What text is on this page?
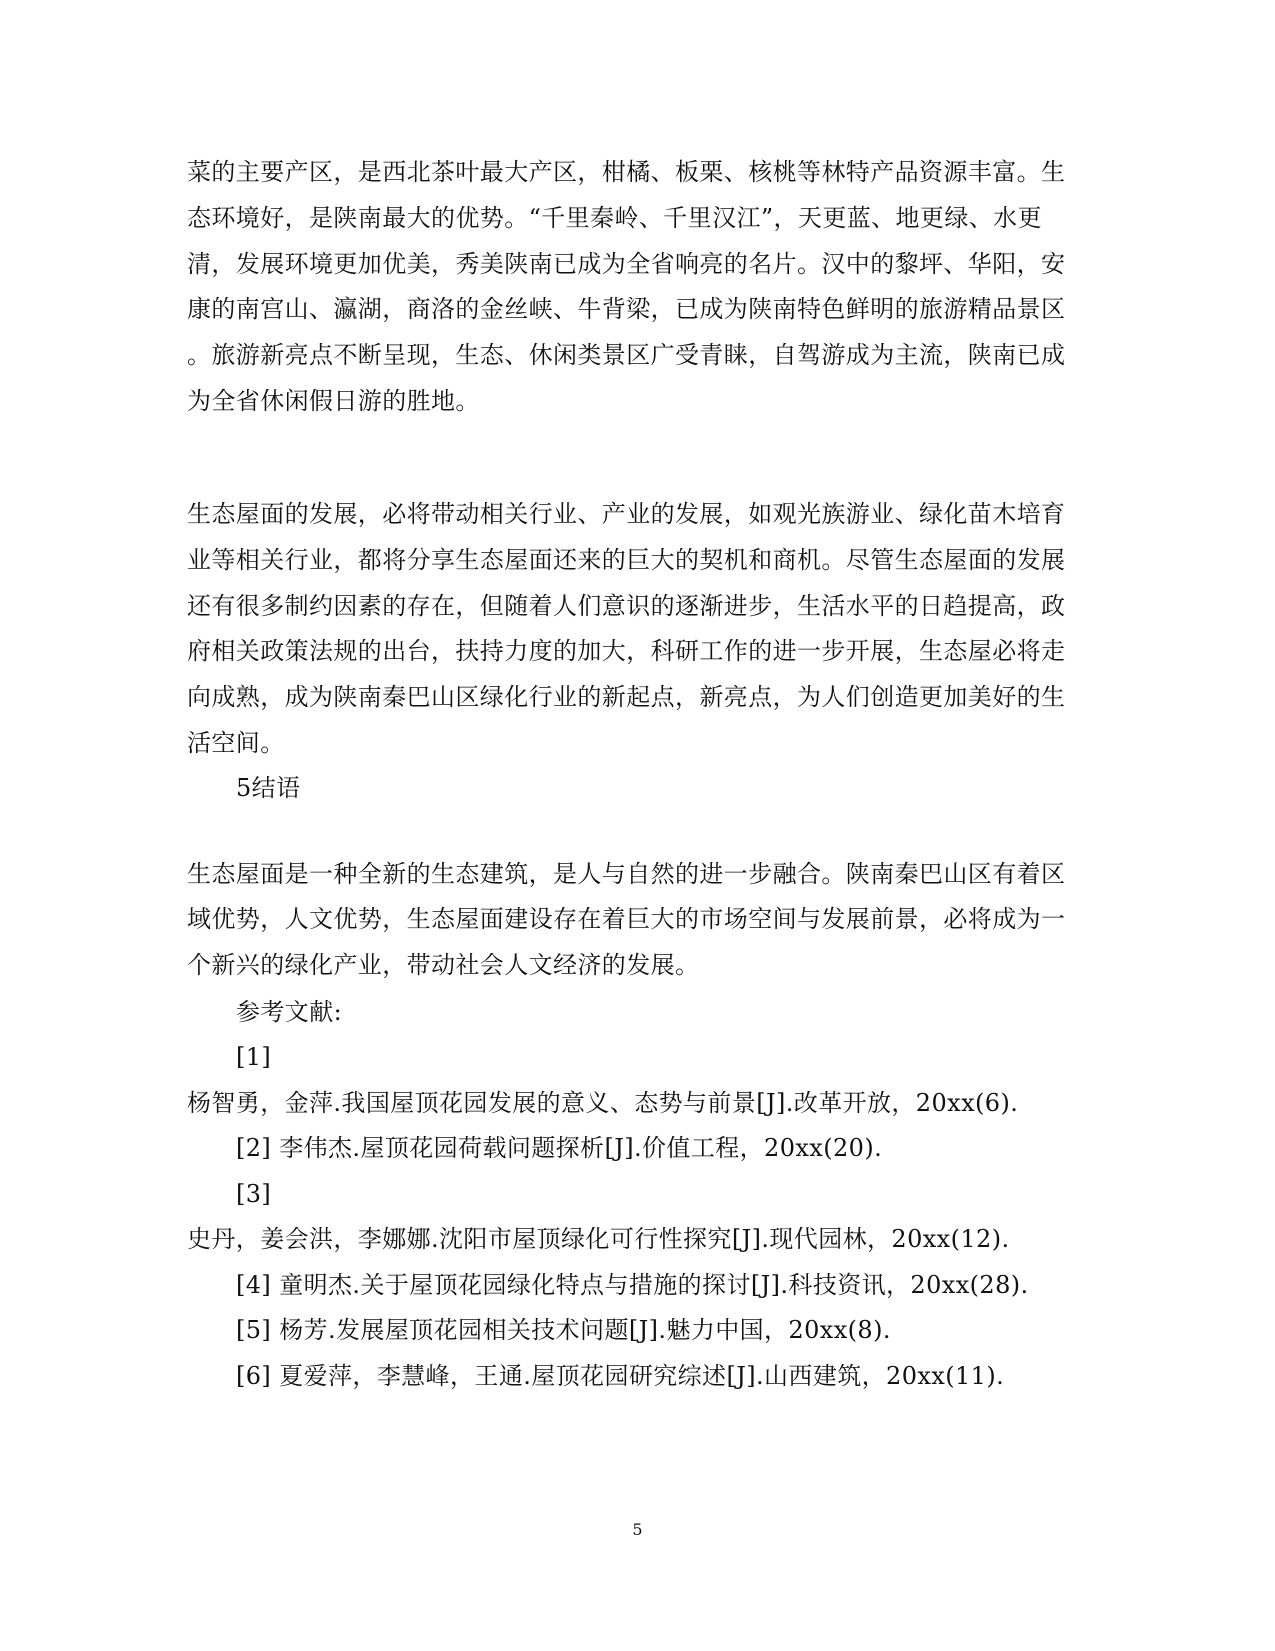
菜的主要产区，是西北茶叶最大产区，柑橘、板栗、核桃等林特产品资源丰富。生
态环境好，是陕南最大的优势。“千里秦岭、千里汉江”，天更蓝、地更绿、水更
清，发展环境更加优美，秀美陕南已成为全省响亮的名片。汉中的黎坪、华阳，安
康的南宫山、瀛湖，商洛的金丝峡、牛背梁，已成为陕南特色鲜明的旅游精品景区
。旅游新亮点不断呈现，生态、休闲类景区广受青睐，自驾游成为主流，陕南已成
为全省休闲假日游的胜地。
生态屋面的发展，必将带动相关行业、产业的发展，如观光族游业、绿化苗木培育
业等相关行业，都将分享生态屋面还来的巨大的契机和商机。尽管生态屋面的发展
还有很多制约因素的存在，但随着人们意识的逐渐进步，生活水平的日趋提高，政
府相关政策法规的出台，扶持力度的加大，科研工作的进一步开展，生态屋必将走
向成熟，成为陕南秦巴山区绿化行业的新起点，新亮点，为人们创造更加美好的生
活空间。
5结语
生态屋面是一种全新的生态建筑，是人与自然的进一步融合。陕南秦巴山区有着区
域优势，人文优势，生态屋面建设存在着巨大的市场空间与发展前景，必将成为一
个新兴的绿化产业，带动社会人文经济的发展。
参考文献:
[1]
杨智勇，金萍.我国屋顶花园发展的意义、态势与前景[J].改革开放，20xx(6).
[2] 李伟杰.屋顶花园荷载问题探析[J].价值工程，20xx(20).
[3]
史丹，姜会洪，李娜娜.沈阳市屋顶绿化可行性探究[J].现代园林，20xx(12).
[4] 童明杰.关于屋顶花园绿化特点与措施的探讨[J].科技资讯，20xx(28).
[5] 杨芳.发展屋顶花园相关技术问题[J].魅力中国，20xx(8).
[6] 夏爱萍，李慧峰，王通.屋顶花园研究综述[J].山西建筑，20xx(11).
5
